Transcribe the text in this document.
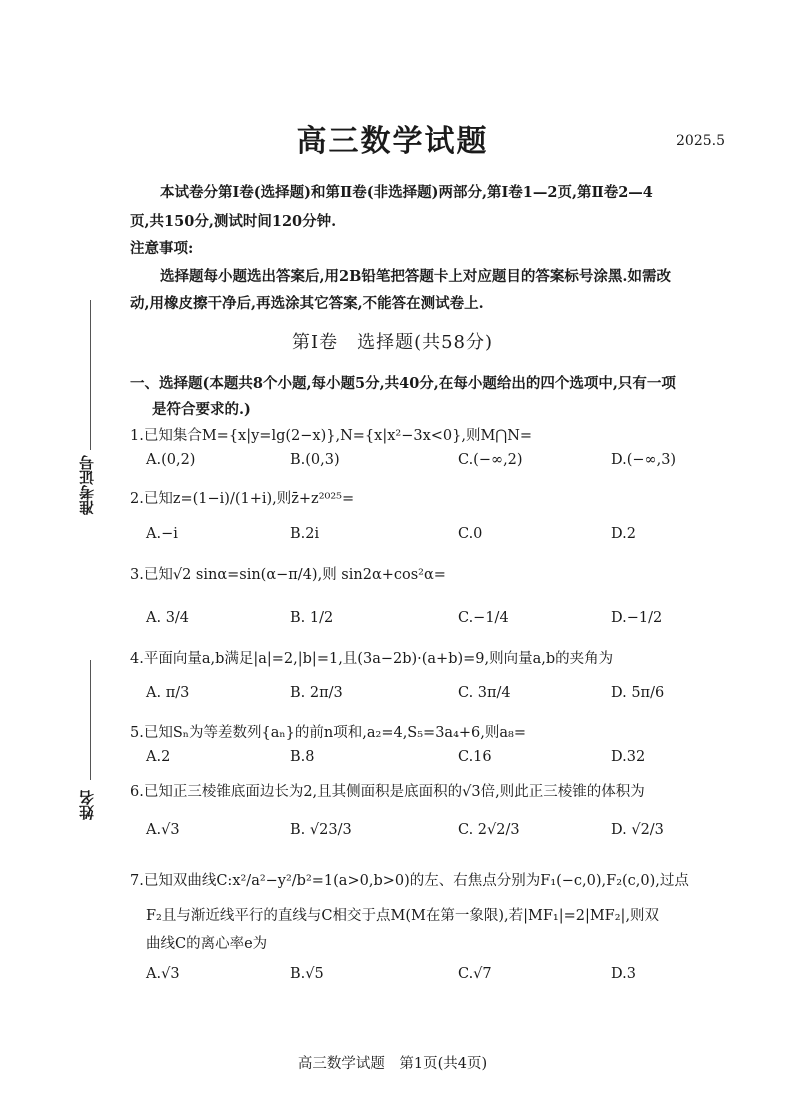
准考证号
姓名
高三数学试题	2025.5
本试卷分第Ⅰ卷(选择题)和第Ⅱ卷(非选择题)两部分,第Ⅰ卷1—2页,第Ⅱ卷2—4
页,共150分,测试时间120分钟.
注意事项:
选择题每小题选出答案后,用2B铅笔把答题卡上对应题目的答案标号涂黑.如需改
动,用橡皮擦干净后,再选涂其它答案,不能答在测试卷上.
第Ⅰ卷　选择题(共58分)
一、选择题(本题共8个小题,每小题5分,共40分,在每小题给出的四个选项中,只有一项
是符合要求的.)
1.已知集合M={x|y=lg(2−x)},N={x|x²−3x<0},则M⋂N=
A.(0,2)	B.(0,3)	C.(−∞,2)	D.(−∞,3)
2.已知z=(1−i)/(1+i),则z̄+z²⁰²⁵=
A.−i	B.2i	C.0	D.2
3.已知√2 sinα=sin(α−π/4),则 sin2α+cos²α=
A. 3/4	B. 1/2	C.−1/4	D.−1/2
4.平面向量a,b满足|a|=2,|b|=1,且(3a−2b)·(a+b)=9,则向量a,b的夹角为
A. π/3	B. 2π/3	C. 3π/4	D. 5π/6
5.已知Sₙ为等差数列{aₙ}的前n项和,a₂=4,S₅=3a₄+6,则a₈=
A.2	B.8	C.16	D.32
6.已知正三棱锥底面边长为2,且其侧面积是底面积的√3倍,则此正三棱锥的体积为
A.√3	B. √23/3	C. 2√2/3	D. √2/3
7.已知双曲线C:x²/a²−y²/b²=1(a>0,b>0)的左、右焦点分别为F₁(−c,0),F₂(c,0),过点
F₂且与渐近线平行的直线与C相交于点M(M在第一象限),若|MF₁|=2|MF₂|,则双
曲线C的离心率e为
A.√3	B.√5	C.√7	D.3
高三数学试题　第1页(共4页)
